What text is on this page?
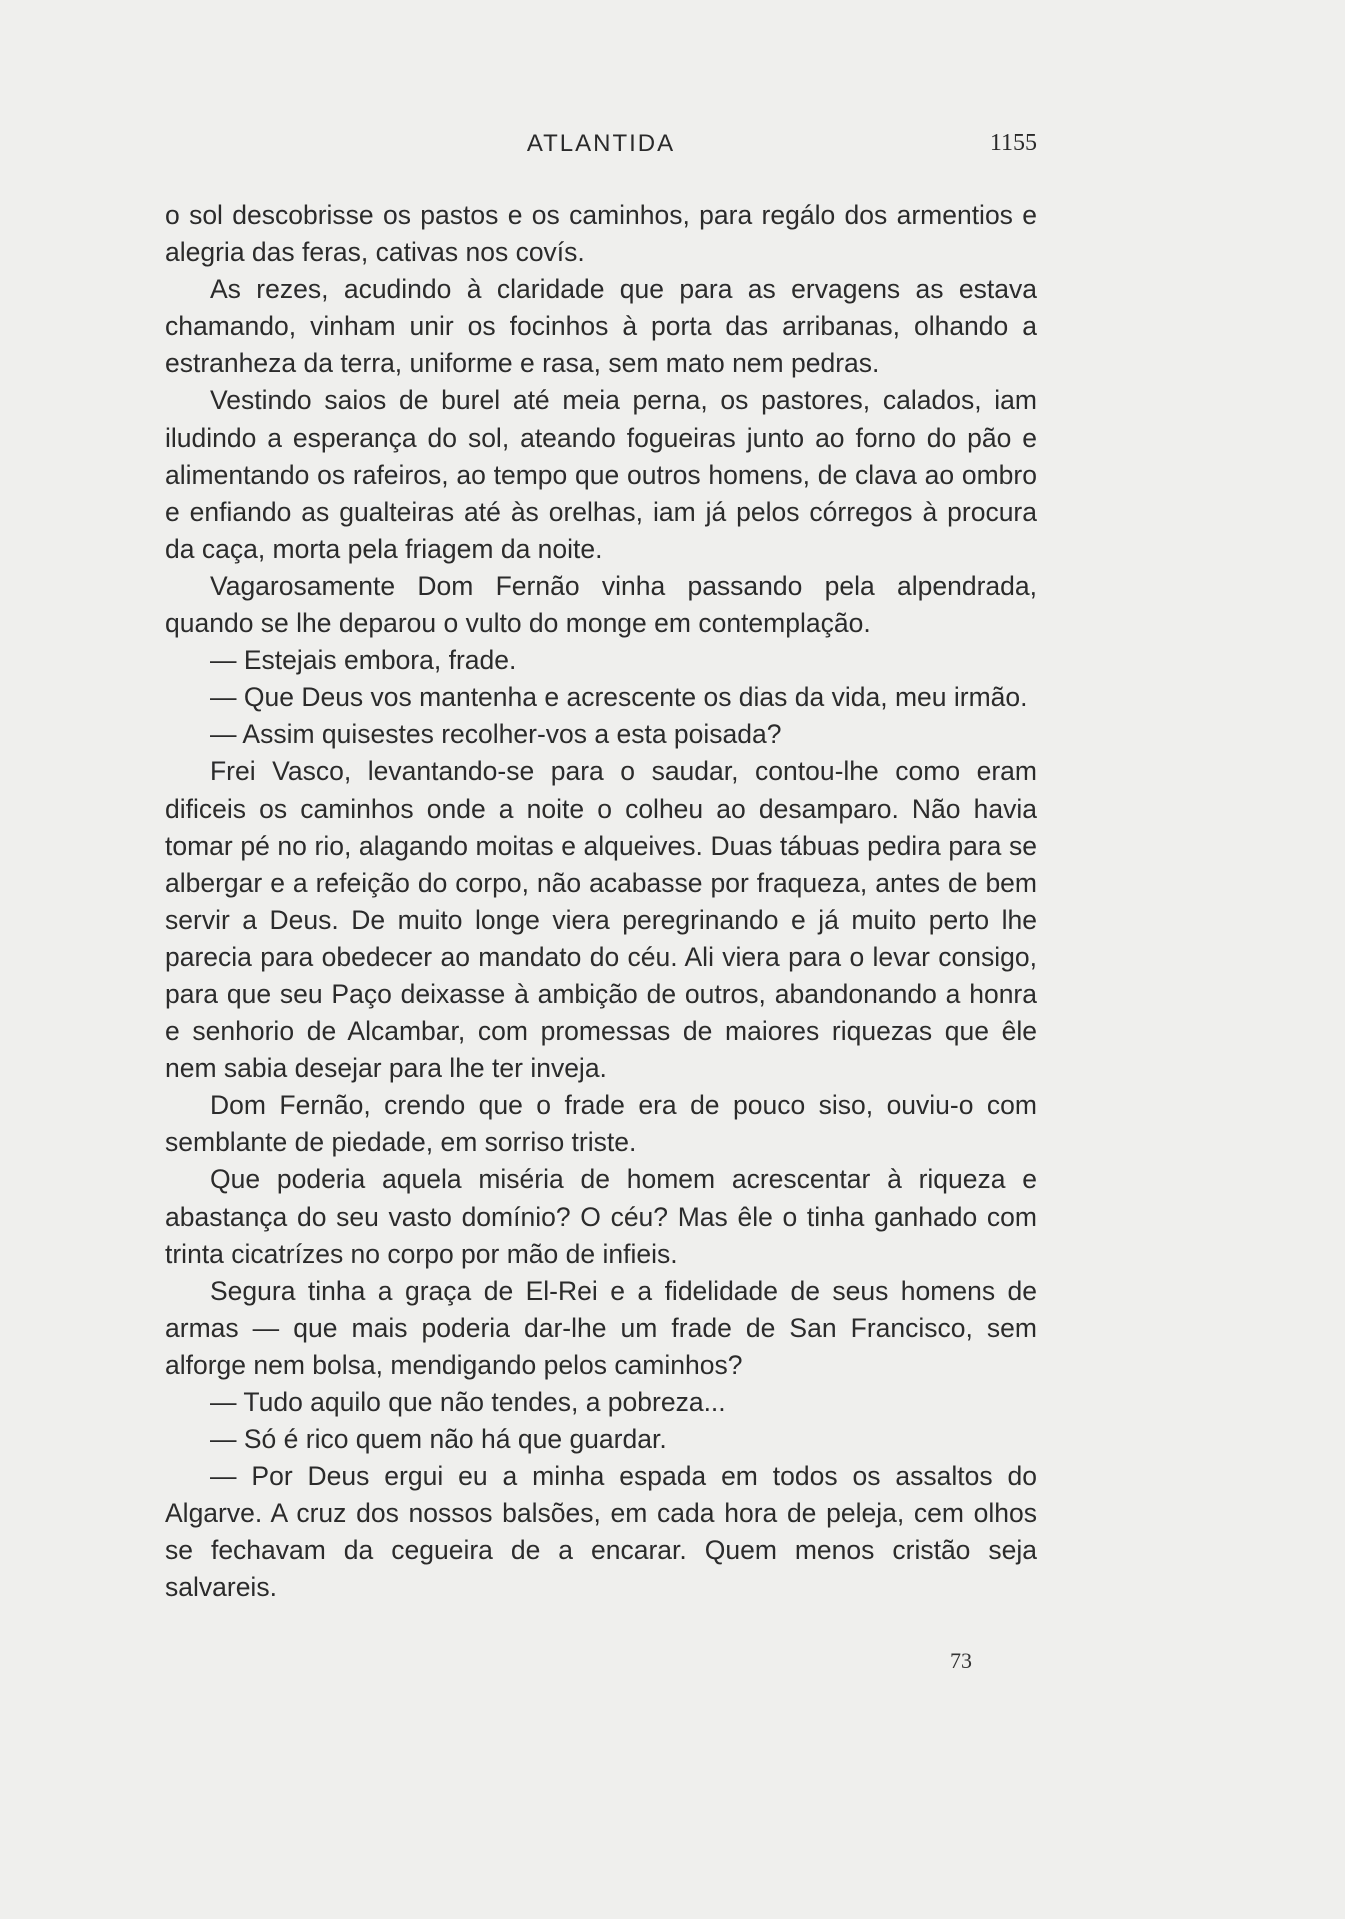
ATLANTIDA	1155

o sol descobrisse os pastos e os caminhos, para regálo dos armentios e alegria das feras, cativas nos covís.

As rezes, acudindo à claridade que para as ervagens as estava chamando, vinham unir os focinhos à porta das arribanas, olhando a estranheza da terra, uniforme e rasa, sem mato nem pedras.

Vestindo saios de burel até meia perna, os pastores, calados, iam iludindo a esperança do sol, ateando fogueiras junto ao forno do pão e alimentando os rafeiros, ao tempo que outros homens, de clava ao ombro e enfiando as gualteiras até às orelhas, iam já pelos córregos à procura da caça, morta pela friagem da noite.

Vagarosamente Dom Fernão vinha passando pela alpendrada, quando se lhe deparou o vulto do monge em contemplação.

— Estejais embora, frade.

— Que Deus vos mantenha e acrescente os dias da vida, meu irmão.

— Assim quisestes recolher-vos a esta poisada?

Frei Vasco, levantando-se para o saudar, contou-lhe como eram dificeis os caminhos onde a noite o colheu ao desamparo. Não havia tomar pé no rio, alagando moitas e alqueives. Duas tábuas pedira para se albergar e a refeição do corpo, não acabasse por fraqueza, antes de bem servir a Deus. De muito longe viera peregrinando e já muito perto lhe parecia para obedecer ao mandato do céu. Ali viera para o levar consigo, para que seu Paço deixasse à ambição de outros, abandonando a honra e senhorio de Alcambar, com promessas de maiores riquezas que êle nem sabia desejar para lhe ter inveja.

Dom Fernão, crendo que o frade era de pouco siso, ouviu-o com semblante de piedade, em sorriso triste.

Que poderia aquela miséria de homem acrescentar à riqueza e abastança do seu vasto domínio? O céu? Mas êle o tinha ganhado com trinta cicatrízes no corpo por mão de infieis.

Segura tinha a graça de El-Rei e a fidelidade de seus homens de armas — que mais poderia dar-lhe um frade de San Francisco, sem alforge nem bolsa, mendigando pelos caminhos?

— Tudo aquilo que não tendes, a pobreza...

— Só é rico quem não há que guardar.

— Por Deus ergui eu a minha espada em todos os assaltos do Algarve. A cruz dos nossos balsões, em cada hora de peleja, cem olhos se fechavam da cegueira de a encarar. Quem menos cristão seja salvareis.

73
